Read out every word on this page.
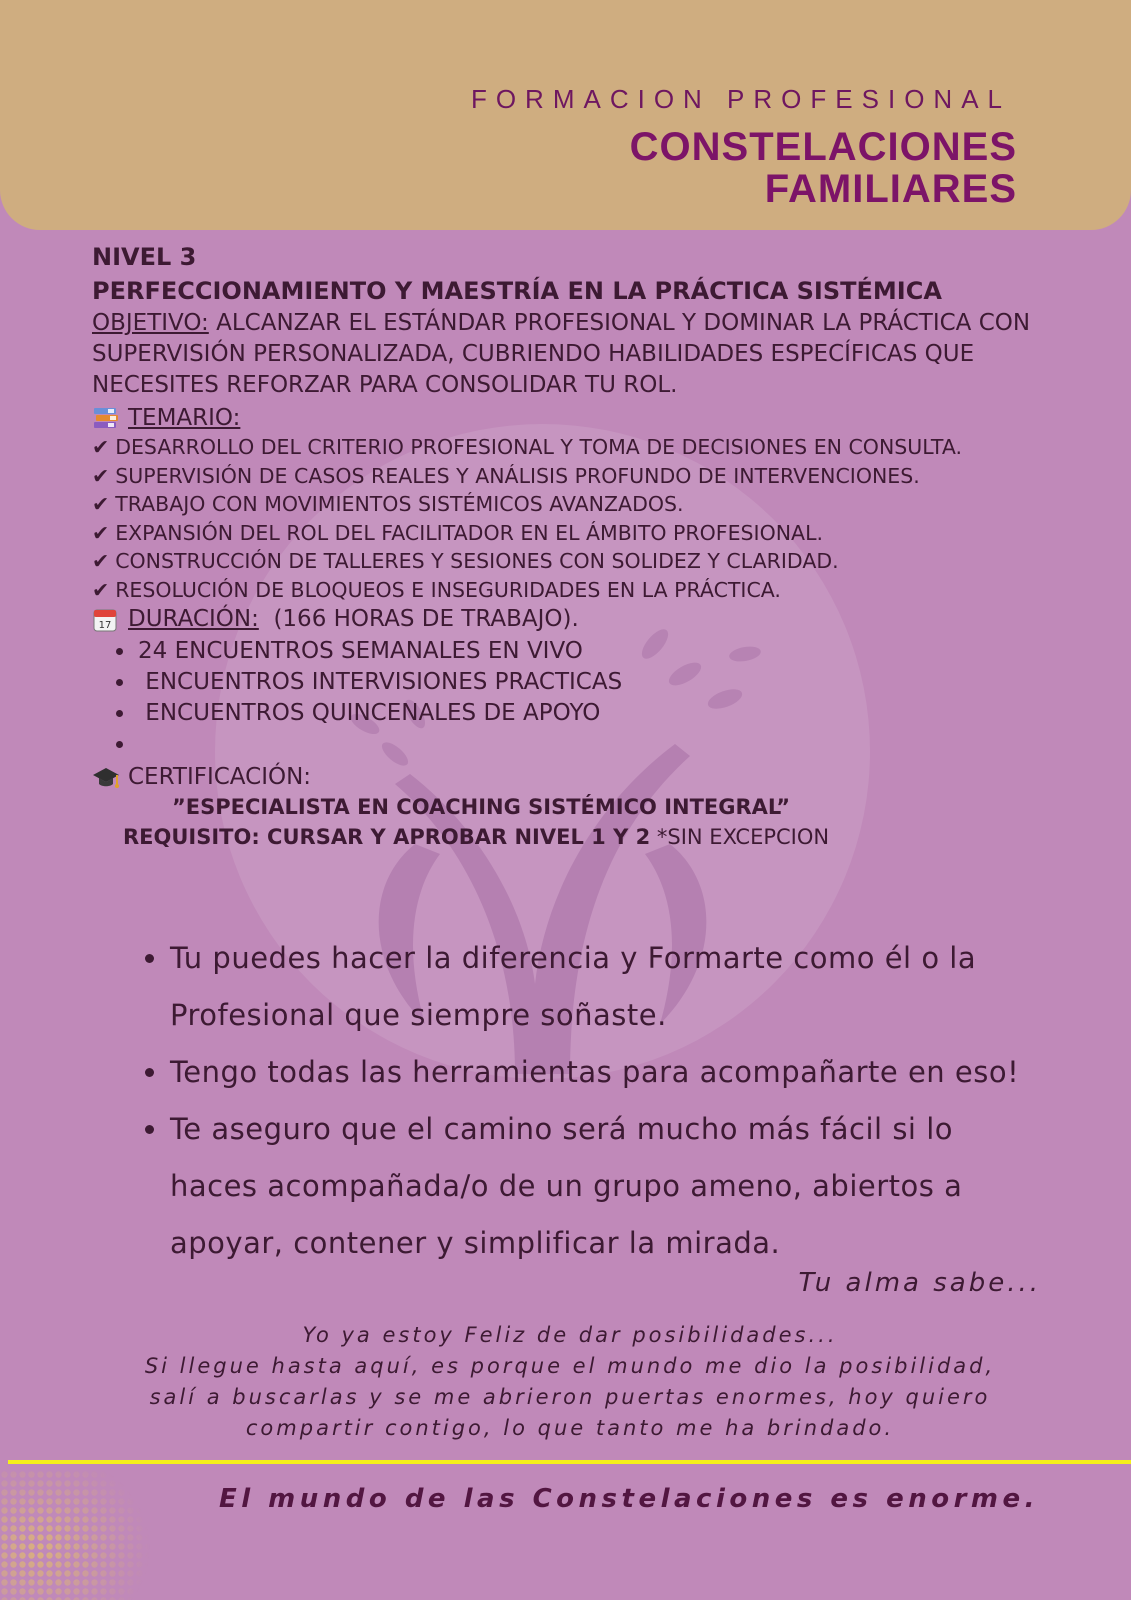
FORMACION PROFESIONAL
CONSTELACIONES
FAMILIARES
NIVEL 3
PERFECCIONAMIENTO Y MAESTRÍA EN LA PRÁCTICA SISTÉMICA
OBJETIVO: ALCANZAR EL ESTÁNDAR PROFESIONAL Y DOMINAR LA PRÁCTICA CON SUPERVISIÓN PERSONALIZADA, CUBRIENDO HABILIDADES ESPECÍFICAS QUE NECESITES REFORZAR PARA CONSOLIDAR TU ROL.
TEMARIO:
✔ DESARROLLO DEL CRITERIO PROFESIONAL Y TOMA DE DECISIONES EN CONSULTA.
✔ SUPERVISIÓN DE CASOS REALES Y ANÁLISIS PROFUNDO DE INTERVENCIONES.
✔ TRABAJO CON MOVIMIENTOS SISTÉMICOS AVANZADOS.
✔ EXPANSIÓN DEL ROL DEL FACILITADOR EN EL ÁMBITO PROFESIONAL.
✔ CONSTRUCCIÓN DE TALLERES Y SESIONES CON SOLIDEZ Y CLARIDAD.
✔ RESOLUCIÓN DE BLOQUEOS E INSEGURIDADES EN LA PRÁCTICA.
17 DURACIÓN:
(166 HORAS DE TRABAJO).
• 24 ENCUENTROS SEMANALES EN VIVO
•  ENCUENTROS INTERVISIONES PRACTICAS
•  ENCUENTROS QUINCENALES DE APOYO
•
CERTIFICACIÓN:
”ESPECIALISTA EN COACHING SISTÉMICO INTEGRAL”
REQUISITO: CURSAR Y APROBAR NIVEL 1 Y 2 *SIN EXCEPCION
• Tu puedes hacer la diferencia y Formarte como él o la Profesional que siempre soñaste.
• Tengo todas las herramientas para acompañarte en eso!
• Te aseguro que el camino será mucho más fácil si lo haces acompañada/o de un grupo ameno, abiertos a apoyar, contener y simplificar la mirada.
Tu alma sabe...
Yo ya estoy Feliz de dar posibilidades...
Si llegue hasta aquí, es porque el mundo me dio la posibilidad,
salí a buscarlas y se me abrieron puertas enormes, hoy quiero
compartir contigo, lo que tanto me ha brindado.
El mundo de las Constelaciones es enorme.
